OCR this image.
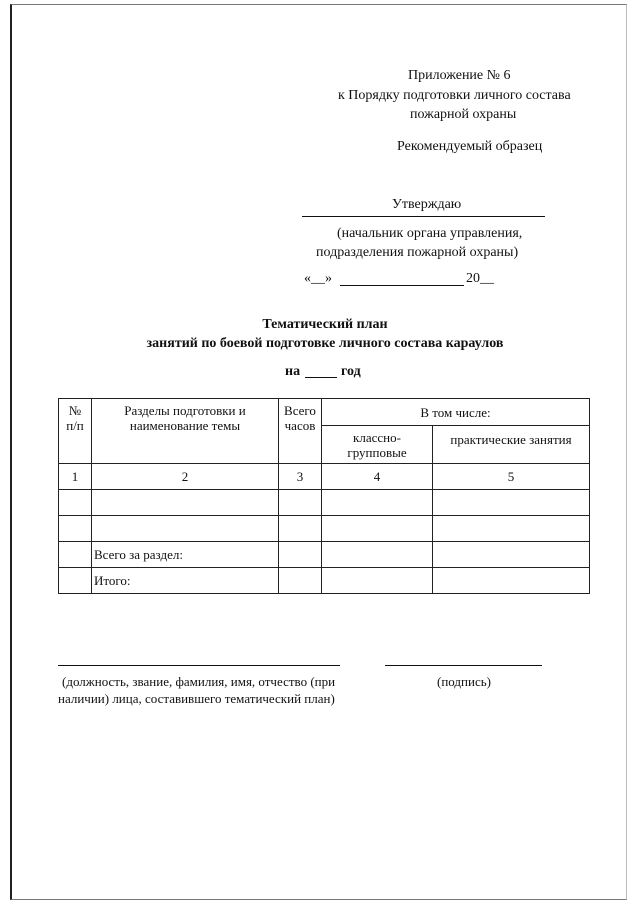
Приложение № 6
к Порядку подготовки личного состава
пожарной охраны
Рекомендуемый образец
Утверждаю
(начальник органа управления,
подразделения пожарной охраны)
«__»	20__
Тематический план
занятий по боевой подготовке личного состава караулов
на	год
№ п/п	Разделы подготовки и наименование темы	Всего часов	В том числе:	
			классно-групповые	практические занятия
1	2	3	4	5

	Всего за раздел:			
	Итого:			
(должность, звание, фамилия, имя, отчество (при
наличии) лица, составившего тематический план)
(подпись)
